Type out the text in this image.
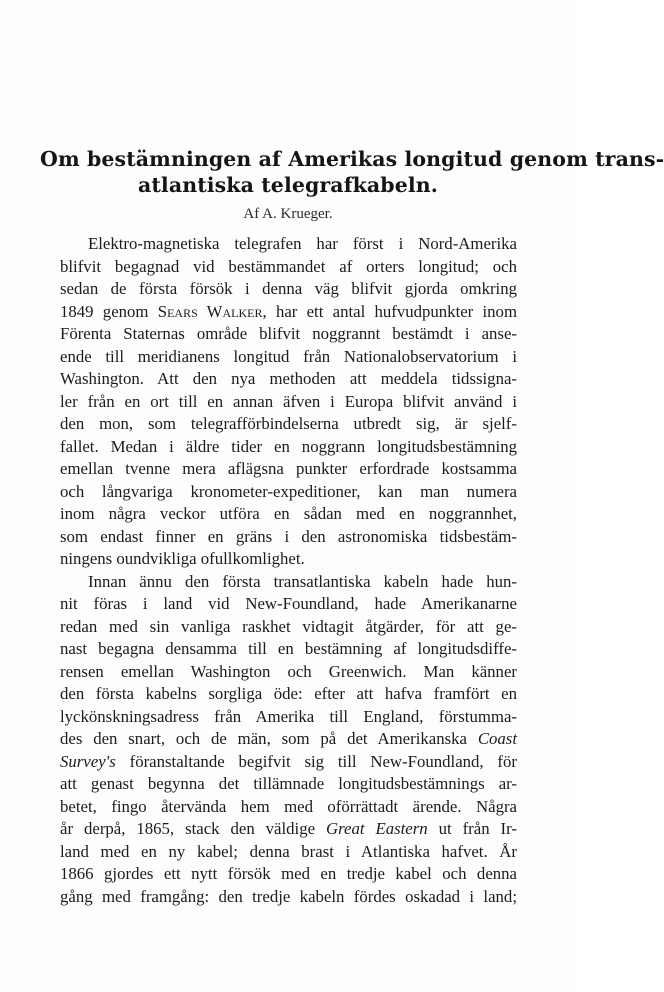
Om bestämningen af Amerikas longitud genom trans-
atlantiska telegrafkabeln.
Af A. Krueger.
Elektro-magnetiska telegrafen har först i Nord-Amerika
blifvit begagnad vid bestämmandet af orters longitud; och
sedan de första försök i denna väg blifvit gjorda omkring
1849 genom Sears Walker, har ett antal hufvudpunkter inom
Förenta Staternas område blifvit noggrannt bestämdt i anse-
ende till meridianens longitud från Nationalobservatorium i
Washington. Att den nya methoden att meddela tidssigna-
ler från en ort till en annan äfven i Europa blifvit använd i
den mon, som telegrafförbindelserna utbredt sig, är sjelf-
fallet. Medan i äldre tider en noggrann longitudsbestämning
emellan tvenne mera aflägsna punkter erfordrade kostsamma
och långvariga kronometer-expeditioner, kan man numera
inom några veckor utföra en sådan med en noggrannhet,
som endast finner en gräns i den astronomiska tidsbestäm-
ningens oundvikliga ofullkomlighet.
Innan ännu den första transatlantiska kabeln hade hun-
nit föras i land vid New-Foundland, hade Amerikanarne
redan med sin vanliga raskhet vidtagit åtgärder, för att ge-
nast begagna densamma till en bestämning af longitudsdiffe-
rensen emellan Washington och Greenwich. Man känner
den första kabelns sorgliga öde: efter att hafva framfört en
lyckönskningsadress från Amerika till England, förstumma-
des den snart, och de män, som på det Amerikanska Coast
Survey's föranstaltande begifvit sig till New-Foundland, för
att genast begynna det tillämnade longitudsbestämnings ar-
betet, fingo återvända hem med oförrättadt ärende. Några
år derpå, 1865, stack den väldige Great Eastern ut från Ir-
land med en ny kabel; denna brast i Atlantiska hafvet. År
1866 gjordes ett nytt försök med en tredje kabel och denna
gång med framgång: den tredje kabeln fördes oskadad i land;
